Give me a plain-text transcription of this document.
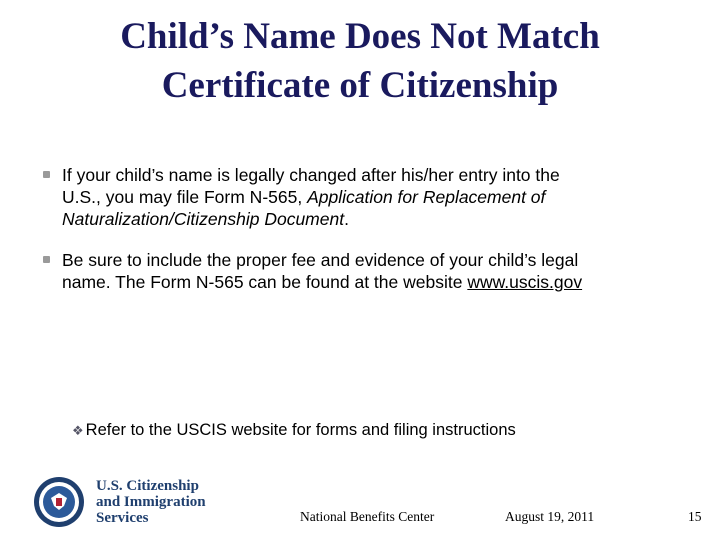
Child’s Name Does Not Match
Certificate of Citizenship
If your child’s name is legally changed after his/her entry into the
U.S., you may file Form N-565, Application for Replacement of
Naturalization/Citizenship Document.
Be sure to include the proper fee and evidence of your child’s legal
name. The Form N-565 can be found at the website www.uscis.gov
❖ Refer to the USCIS website for forms and filing instructions
U.S. Citizenship
and Immigration
Services	National Benefits Center	August 19, 2011	15
